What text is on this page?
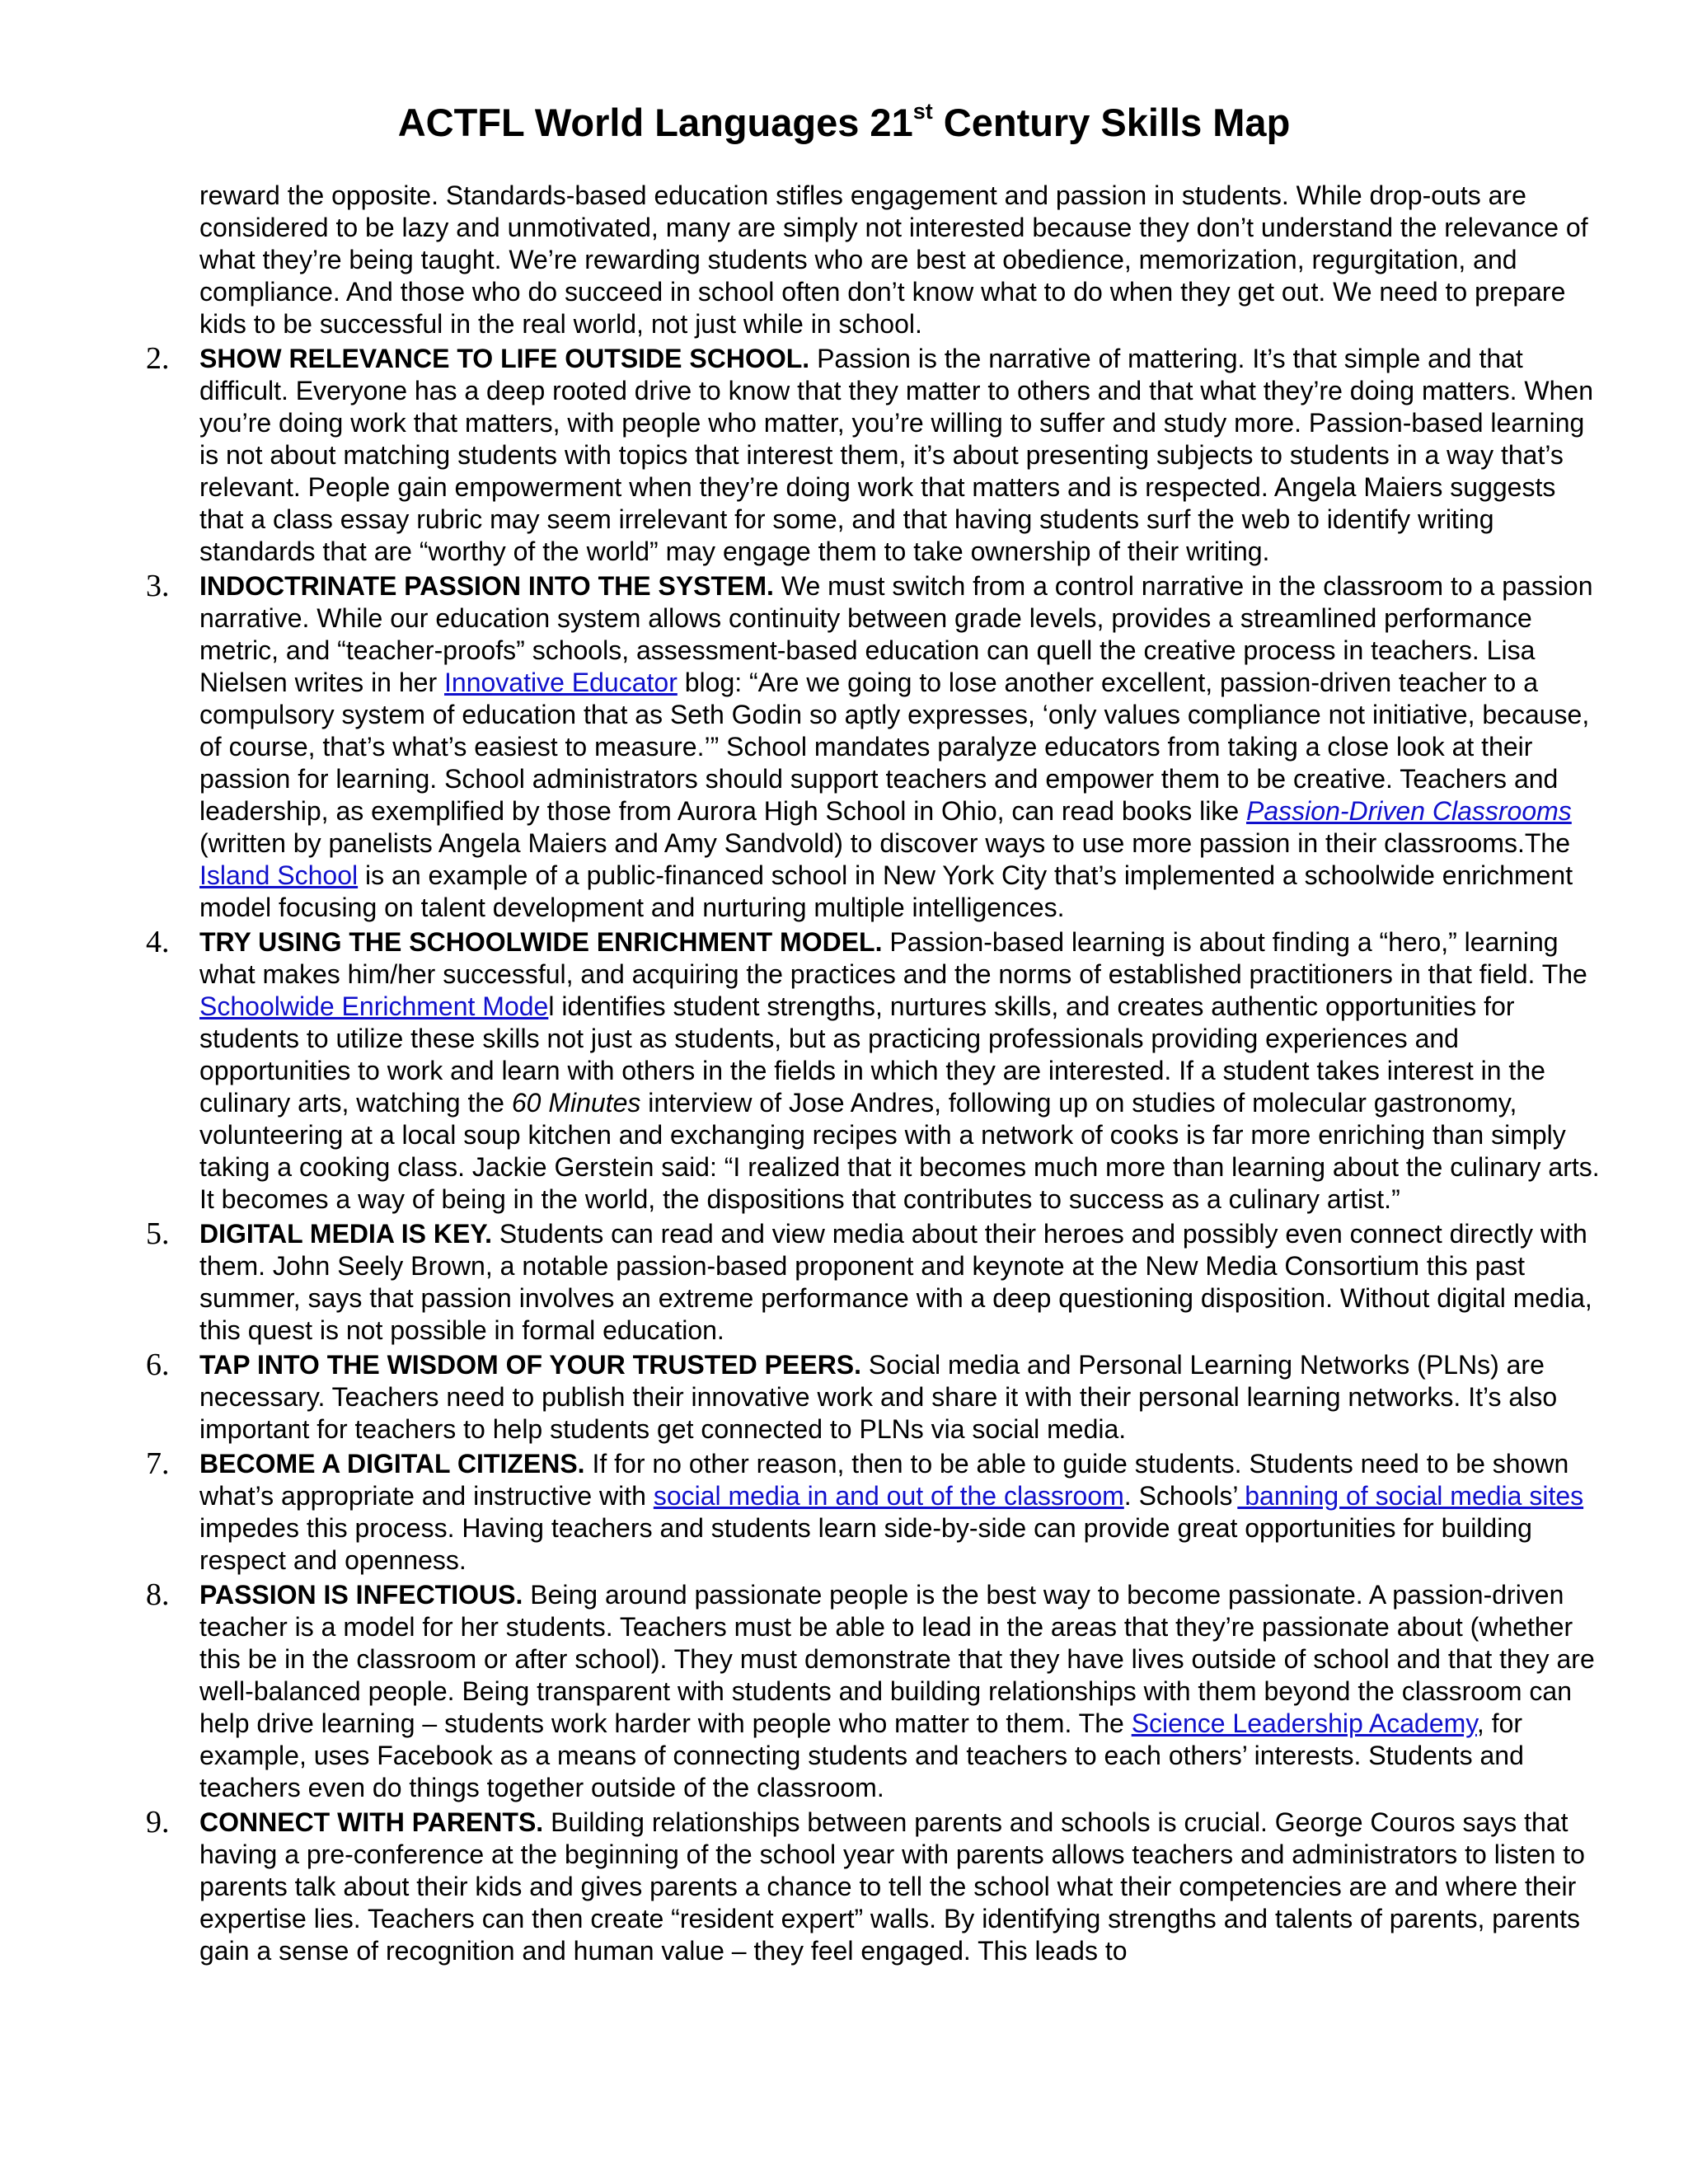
ACTFL World Languages 21st Century Skills Map

reward the opposite. Standards-based education stifles engagement and passion in students. While drop-outs are considered to be lazy and unmotivated, many are simply not interested because they don’t understand the relevance of what they’re being taught. We’re rewarding students who are best at obedience, memorization, regurgitation, and compliance. And those who do succeed in school often don’t know what to do when they get out. We need to prepare kids to be successful in the real world, not just while in school.

2.	SHOW RELEVANCE TO LIFE OUTSIDE SCHOOL. Passion is the narrative of mattering. It’s that simple and that difficult. Everyone has a deep rooted drive to know that they matter to others and that what they’re doing matters. When you’re doing work that matters, with people who matter, you’re willing to suffer and study more. Passion-based learning is not about matching students with topics that interest them, it’s about presenting subjects to students in a way that’s relevant. People gain empowerment when they’re doing work that matters and is respected. Angela Maiers suggests that a class essay rubric may seem irrelevant for some, and that having students surf the web to identify writing standards that are “worthy of the world” may engage them to take ownership of their writing.
3.	INDOCTRINATE PASSION INTO THE SYSTEM. We must switch from a control narrative in the classroom to a passion narrative. While our education system allows continuity between grade levels, provides a streamlined performance metric, and “teacher-proofs” schools, assessment-based education can quell the creative process in teachers. Lisa Nielsen writes in her Innovative Educator blog: “Are we going to lose another excellent, passion-driven teacher to a compulsory system of education that as Seth Godin so aptly expresses, ‘only values compliance not initiative, because, of course, that’s what’s easiest to measure.’” School mandates paralyze educators from taking a close look at their passion for learning. School administrators should support teachers and empower them to be creative. Teachers and leadership, as exemplified by those from Aurora High School in Ohio, can read books like Passion-Driven Classrooms (written by panelists Angela Maiers and Amy Sandvold) to discover ways to use more passion in their classrooms.The Island School is an example of a public-financed school in New York City that’s implemented a schoolwide enrichment model focusing on talent development and nurturing multiple intelligences.
4.	TRY USING THE SCHOOLWIDE ENRICHMENT MODEL. Passion-based learning is about finding a “hero,” learning what makes him/her successful, and acquiring the practices and the norms of established practitioners in that field. The Schoolwide Enrichment Model identifies student strengths, nurtures skills, and creates authentic opportunities for students to utilize these skills not just as students, but as practicing professionals providing experiences and opportunities to work and learn with others in the fields in which they are interested. If a student takes interest in the culinary arts, watching the 60 Minutes interview of Jose Andres, following up on studies of molecular gastronomy, volunteering at a local soup kitchen and exchanging recipes with a network of cooks is far more enriching than simply taking a cooking class. Jackie Gerstein said: “I realized that it becomes much more than learning about the culinary arts. It becomes a way of being in the world, the dispositions that contributes to success as a culinary artist.”
5.	DIGITAL MEDIA IS KEY. Students can read and view media about their heroes and possibly even connect directly with them. John Seely Brown, a notable passion-based proponent and keynote at the New Media Consortium this past summer, says that passion involves an extreme performance with a deep questioning disposition. Without digital media, this quest is not possible in formal education.
6.	TAP INTO THE WISDOM OF YOUR TRUSTED PEERS. Social media and Personal Learning Networks (PLNs) are necessary. Teachers need to publish their innovative work and share it with their personal learning networks. It’s also important for teachers to help students get connected to PLNs via social media.
7.	BECOME A DIGITAL CITIZENS. If for no other reason, then to be able to guide students. Students need to be shown what’s appropriate and instructive with social media in and out of the classroom. Schools’ banning of social media sites impedes this process. Having teachers and students learn side-by-side can provide great opportunities for building respect and openness.
8.	PASSION IS INFECTIOUS. Being around passionate people is the best way to become passionate. A passion-driven teacher is a model for her students. Teachers must be able to lead in the areas that they’re passionate about (whether this be in the classroom or after school). They must demonstrate that they have lives outside of school and that they are well-balanced people. Being transparent with students and building relationships with them beyond the classroom can help drive learning – students work harder with people who matter to them. The Science Leadership Academy, for example, uses Facebook as a means of connecting students and teachers to each others’ interests. Students and teachers even do things together outside of the classroom.
9.	CONNECT WITH PARENTS. Building relationships between parents and schools is crucial. George Couros says that having a pre-conference at the beginning of the school year with parents allows teachers and administrators to listen to parents talk about their kids and gives parents a chance to tell the school what their competencies are and where their expertise lies. Teachers can then create “resident expert” walls. By identifying strengths and talents of parents, parents gain a sense of recognition and human value – they feel engaged. This leads to
